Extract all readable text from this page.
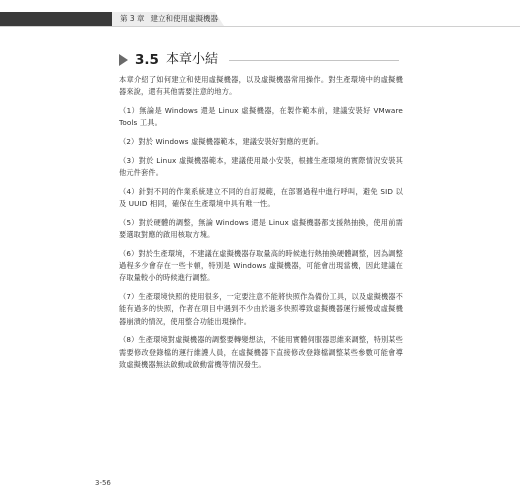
第 3 章 建立和使用虛擬機器
3.5 本章小結

本章介紹了如何建立和使用虛擬機器，以及虛擬機器常用操作。對生產環境中的虛擬機器來說，還有其他需要注意的地方。

（1）無論是 Windows 還是 Linux 虛擬機器，在製作範本前，建議安裝好 VMware Tools 工具。

（2）對於 Windows 虛擬機器範本，建議安裝好對應的更新。

（3）對於 Linux 虛擬機器範本，建議使用最小安裝，根據生產環境的實際情況安裝其他元件套件。

（4）針對不同的作業系統建立不同的自訂規範，在部署過程中進行呼叫，避免 SID 以及 UUID 相同，確保在生產環境中具有唯一性。

（5）對於硬體的調整，無論 Windows 還是 Linux 虛擬機器都支援熱抽換，使用前需要選取對應的啟用核取方塊。

（6）對於生產環境，不建議在虛擬機器存取量高的時候進行熱抽換硬體調整，因為調整過程多少會存在一些卡頓，特別是 Windows 虛擬機器，可能會出現當機，因此建議在存取量較小的時候進行調整。

（7）生產環境快照的使用很多，一定要注意不能將快照作為備份工具，以及虛擬機器不能有過多的快照，作者在項目中遇到不少由於過多快照導致虛擬機器運行緩慢或虛擬機器崩潰的情況，使用整合功能出現操作。

（8）生產環境對虛擬機器的調整要轉變想法，不能用實體伺服器思維來調整，特別某些需要修改登錄檔的運行維護人員，在虛擬機器下直接修改登錄檔調整某些參數可能會導致虛擬機器無法啟動或啟動當機等情況發生。

3-56
